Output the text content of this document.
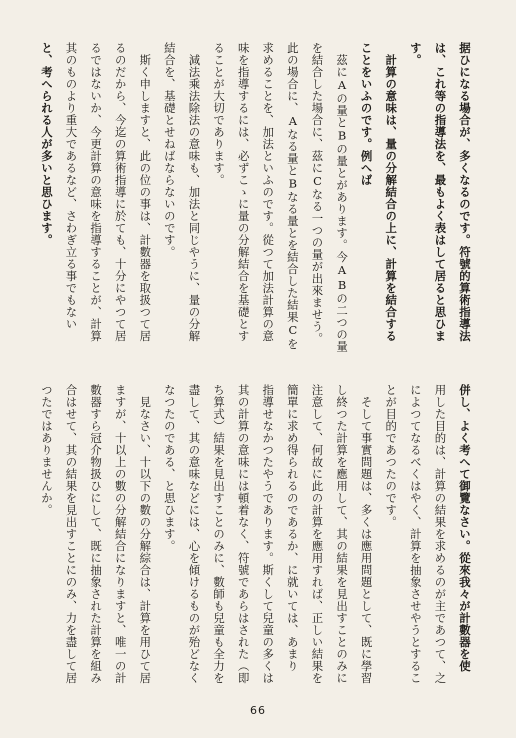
据ひになる場合が、多くなるのです。符號的算術指導法
は、これ等の指導法を、最もよく表はして居ると思ひま
す。
　計算の意味は、量の分解結合の上に、計算を結合する
ことをいふのです。例へば
　茲にAの量とBの量とがあります。今ABの二つの量
を結合した場合に、茲にCなる一つの量が出來ませう。
此の場合に、Aなる量とBなる量とを結合した結果Cを
求めることを、加法といふのです。從つて加法計算の意
味を指導するには、必ずこゝに量の分解結合を基礎とす
ることが大切であります。
　減法乘法除法の意味も、加法と同じやうに、量の分解
結合を、基礎とせねばならないのです。
　斯く申しますと、此の位の事は、計數器を取扱つて居
るのだから、今迄の算術指導に於ても、十分にやつて居
るではないか、今更計算の意味を指導することが、計算
其のものより重大であるなど、さわぎ立る事でもない
と、考へられる人が多いと思ひます。
併し、よく考へて御覽なさい。從來我々が計數器を使
用した目的は、計算の結果を求めるのが主であつて、之
によつてなるべくはやく、計算を抽象させやうとするこ
とが目的であつたのです。
　そして事實問題は、多くは應用問題として、既に學習
し終つた計算を應用して、其の結果を見出すことのみに
注意して、何故に此の計算を應用すれば、正しい結果を
簡單に求め得られるのであるか、に就いては、あまり
指導せなかつたやうであります。斯くして兒童の多くは
其の計算の意味には頓着なく、符號であらはされた（即
ち算式）結果を見出すことのみに、數師も兒童も全力を
盡して、其の意味などには、心を傾けるものが殆どなく
なつたのである、と思ひます。
　見なさい、十以下の數の分解綜合は、計算を用ひて居
ますが、十以上の數の分解結合になりますと、唯一の計
數器すら冠介物扱ひにして、既に抽象された計算を組み
合はせて、其の結果を見出すことにのみ、力を盡して居
つたではありませんか。
66
